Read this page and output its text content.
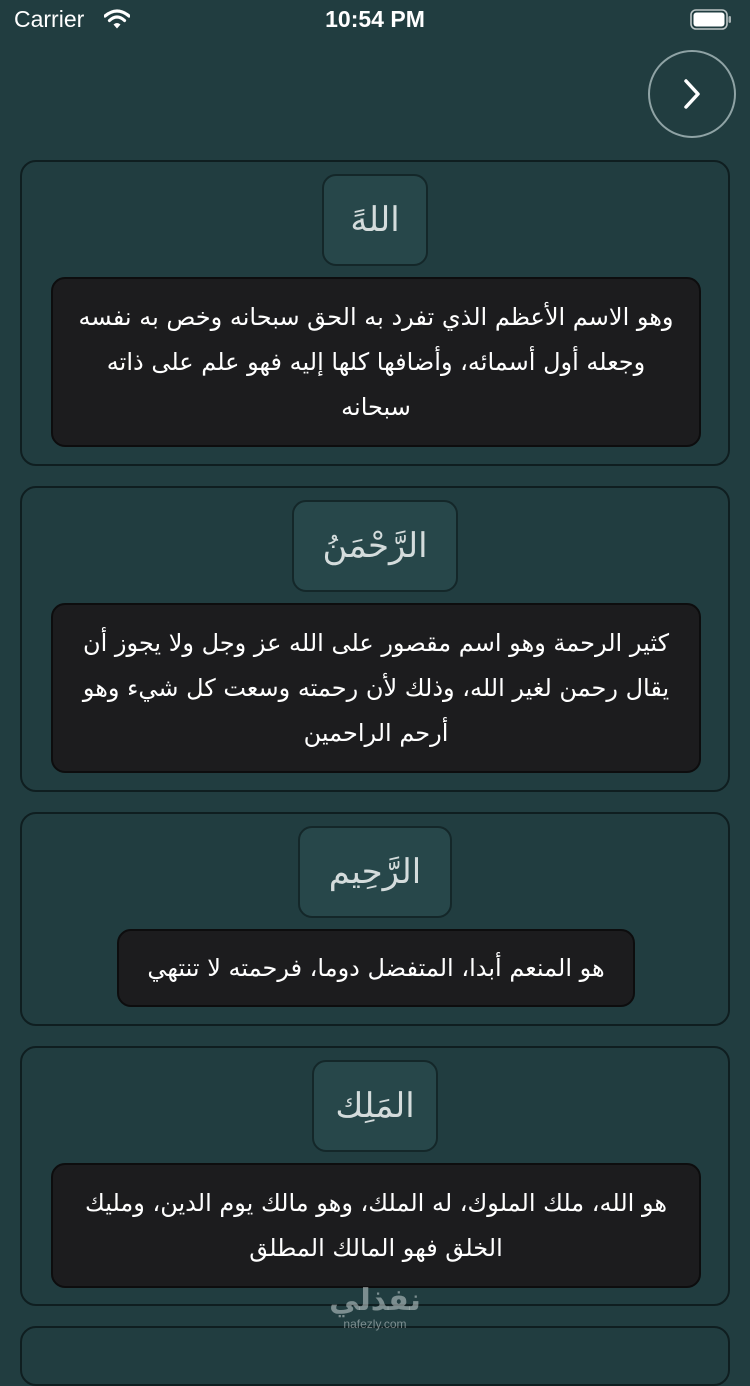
Carrier	10:54 PM
اللهً
وهو الاسم الأعظم الذي تفرد به الحق سبحانه وخص به نفسه وجعله أول أسمائه، وأضافها كلها إليه فهو علم على ذاته سبحانه
الرَّحْمَنُ
كثير الرحمة وهو اسم مقصور على الله عز وجل ولا يجوز أن يقال رحمن لغير الله، وذلك لأن رحمته وسعت كل شيء وهو أرحم الراحمين
الرَّحِيم
هو المنعم أبدا، المتفضل دوما، فرحمته لا تنتهي
المَلِك
هو الله، ملك الملوك، له الملك، وهو مالك يوم الدين، ومليك الخلق فهو المالك المطلق
نفذلي
nafezly.com
